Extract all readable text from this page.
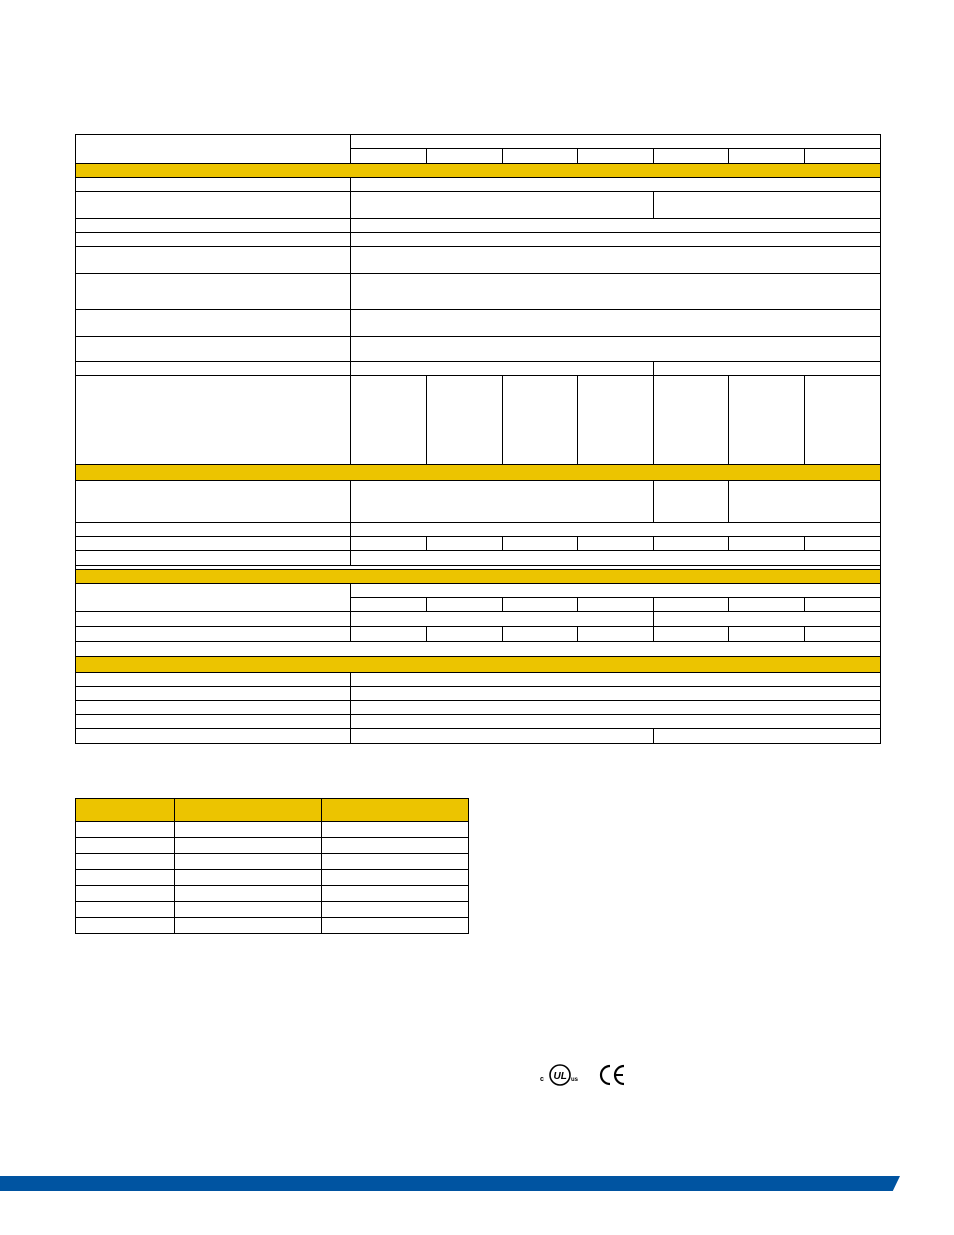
c UL us
